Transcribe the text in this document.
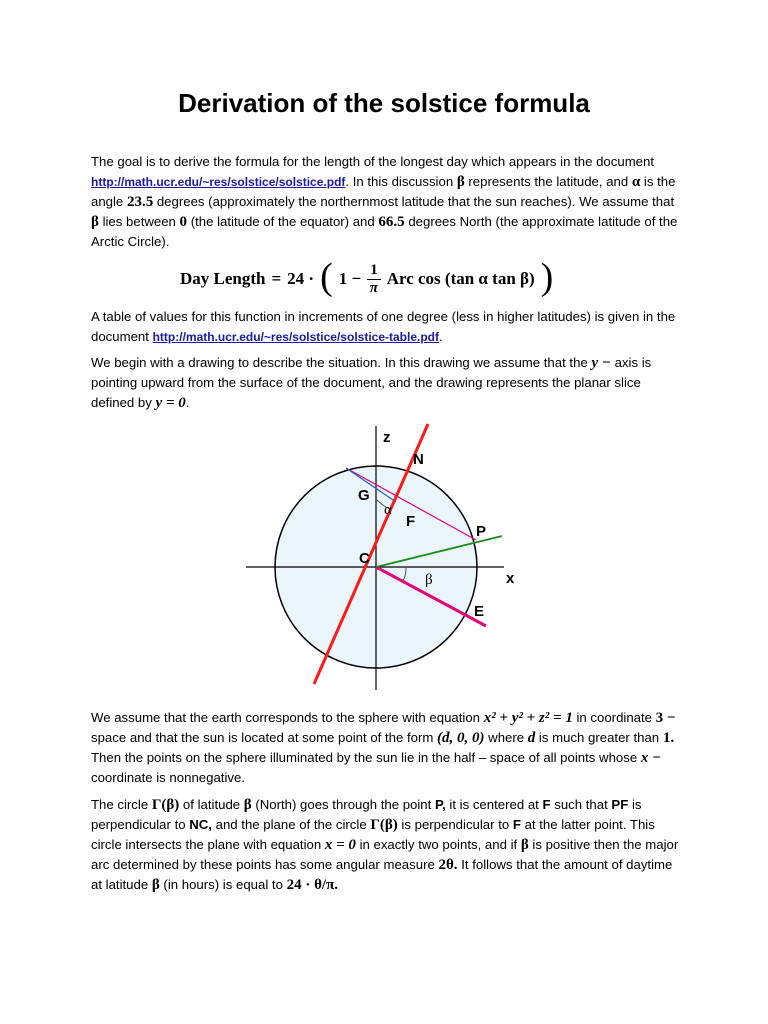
Derivation of the solstice formula
The goal is to derive the formula for the length of the longest day which appears in the document http://math.ucr.edu/~res/solstice/solstice.pdf. In this discussion β represents the latitude, and α is the angle 23.5 degrees (approximately the northernmost latitude that the sun reaches). We assume that β lies between 0 (the latitude of the equator) and 66.5 degrees North (the approximate latitude of the Arctic Circle).
Day Length = 24 · ( $1 - \frac{1}{\pi}$ Arc cos (tan α tan β) )
A table of values for this function in increments of one degree (less in higher latitudes) is given in the document http://math.ucr.edu/~res/solstice/solstice-table.pdf.
We begin with a drawing to describe the situation. In this drawing we assume that the y − axis is pointing upward from the surface of the document, and the drawing represents the planar slice defined by y = 0.
z
N
G
α
F
P
C
β	x
E
We assume that the earth corresponds to the sphere with equation x² + y² + z² = 1 in coordinate 3 − space and that the sun is located at some point of the form (d, 0, 0) where d is much greater than 1. Then the points on the sphere illuminated by the sun lie in the half – space of all points whose x − coordinate is nonnegative.
The circle Γ(β) of latitude β (North) goes through the point P, it is centered at F such that PF is perpendicular to NC, and the plane of the circle Γ(β) is perpendicular to F at the latter point. This circle intersects the plane with equation x = 0 in exactly two points, and if β is positive then the major arc determined by these points has some angular measure 2θ. It follows that the amount of daytime at latitude β (in hours) is equal to 24 · θ/π.
